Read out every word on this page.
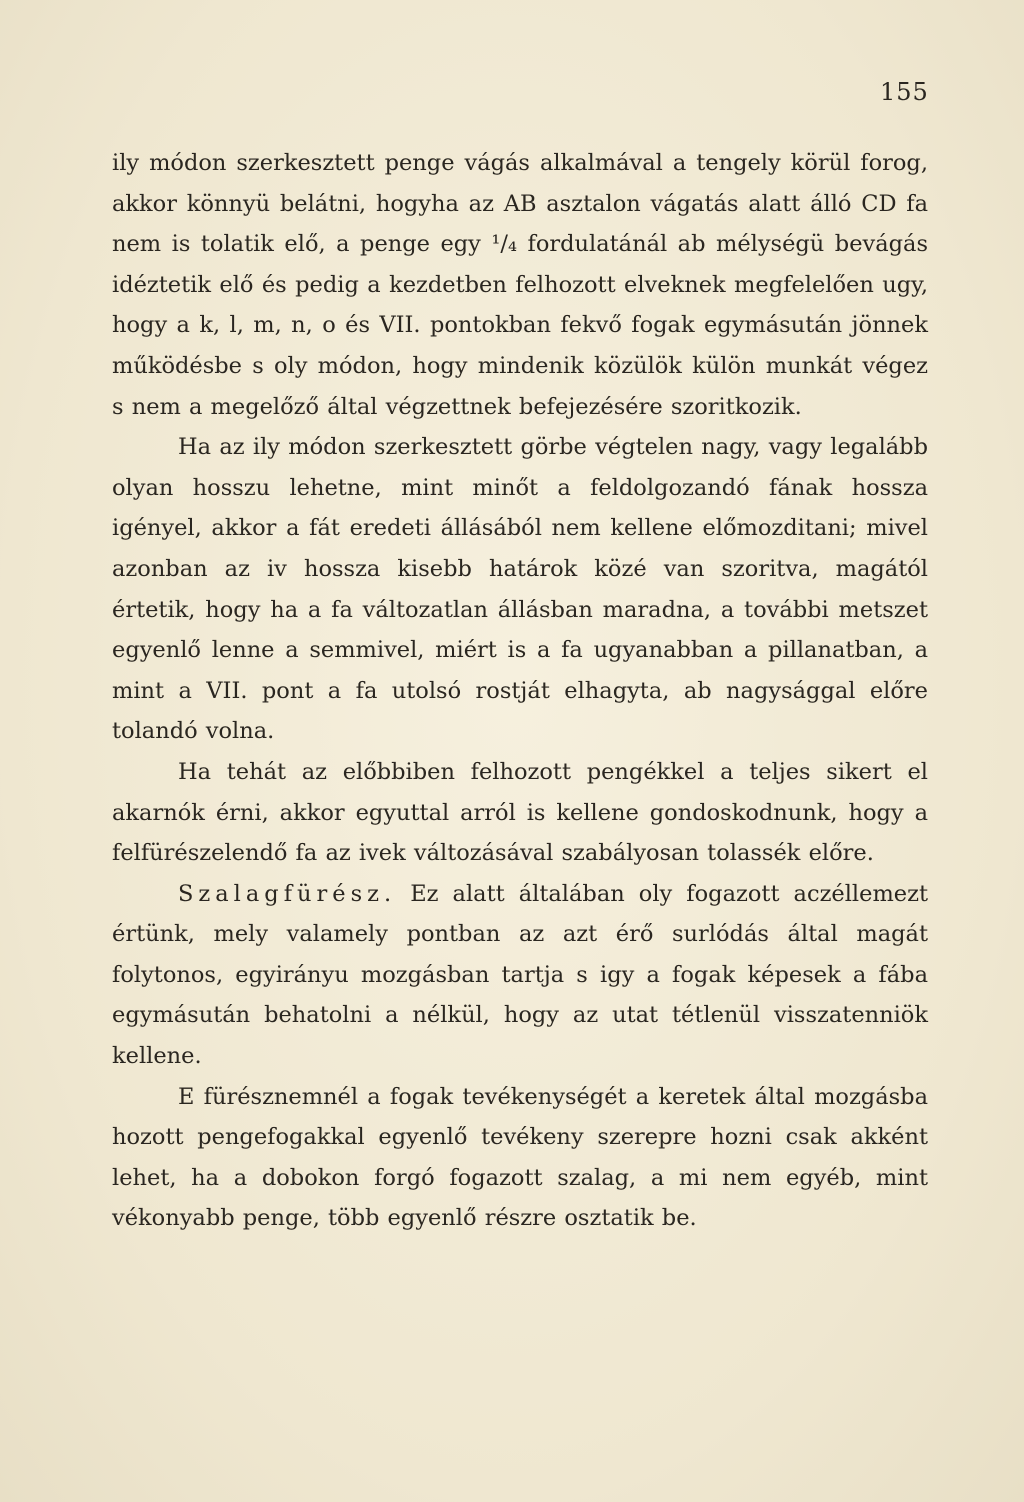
155

ily módon szerkesztett penge vágás alkalmával a tengely körül forog, akkor könnyü belátni, hogyha az AB asztalon vágatás alatt álló CD fa nem is tolatik elő, a penge egy ¹/₄ fordulatánál ab mélységü bevágás idéztetik elő és pedig a kezdetben felhozott elveknek megfelelően ugy, hogy a k, l, m, n, o és VII. pontokban fekvő fogak egymásután jönnek működésbe s oly módon, hogy mindenik közülök külön munkát végez s nem a megelőző által végzettnek befejezésére szoritkozik.

Ha az ily módon szerkesztett görbe végtelen nagy, vagy legalább olyan hosszu lehetne, mint minőt a feldolgozandó fának hossza igényel, akkor a fát eredeti állásából nem kellene előmozditani; mivel azonban az iv hossza kisebb határok közé van szoritva, magától értetik, hogy ha a fa változatlan állásban maradna, a további metszet egyenlő lenne a semmivel, miért is a fa ugyanabban a pillanatban, a mint a VII. pont a fa utolsó rostját elhagyta, ab nagysággal előre tolandó volna.

Ha tehát az előbbiben felhozott pengékkel a teljes sikert el akarnók érni, akkor egyuttal arról is kellene gondoskodnunk, hogy a felfürészelendő fa az ivek változásával szabályosan tolassék előre.

Szalagfürész. Ez alatt általában oly fogazott aczéllemezt értünk, mely valamely pontban az azt érő surlódás által magát folytonos, egyirányu mozgásban tartja s igy a fogak képesek a fába egymásután behatolni a nélkül, hogy az utat tétlenül visszatenniök kellene.

E fürésznemnél a fogak tevékenységét a keretek által mozgásba hozott pengefogakkal egyenlő tevékeny szerepre hozni csak akként lehet, ha a dobokon forgó fogazott szalag, a mi nem egyéb, mint vékonyabb penge, több egyenlő részre osztatik be.
